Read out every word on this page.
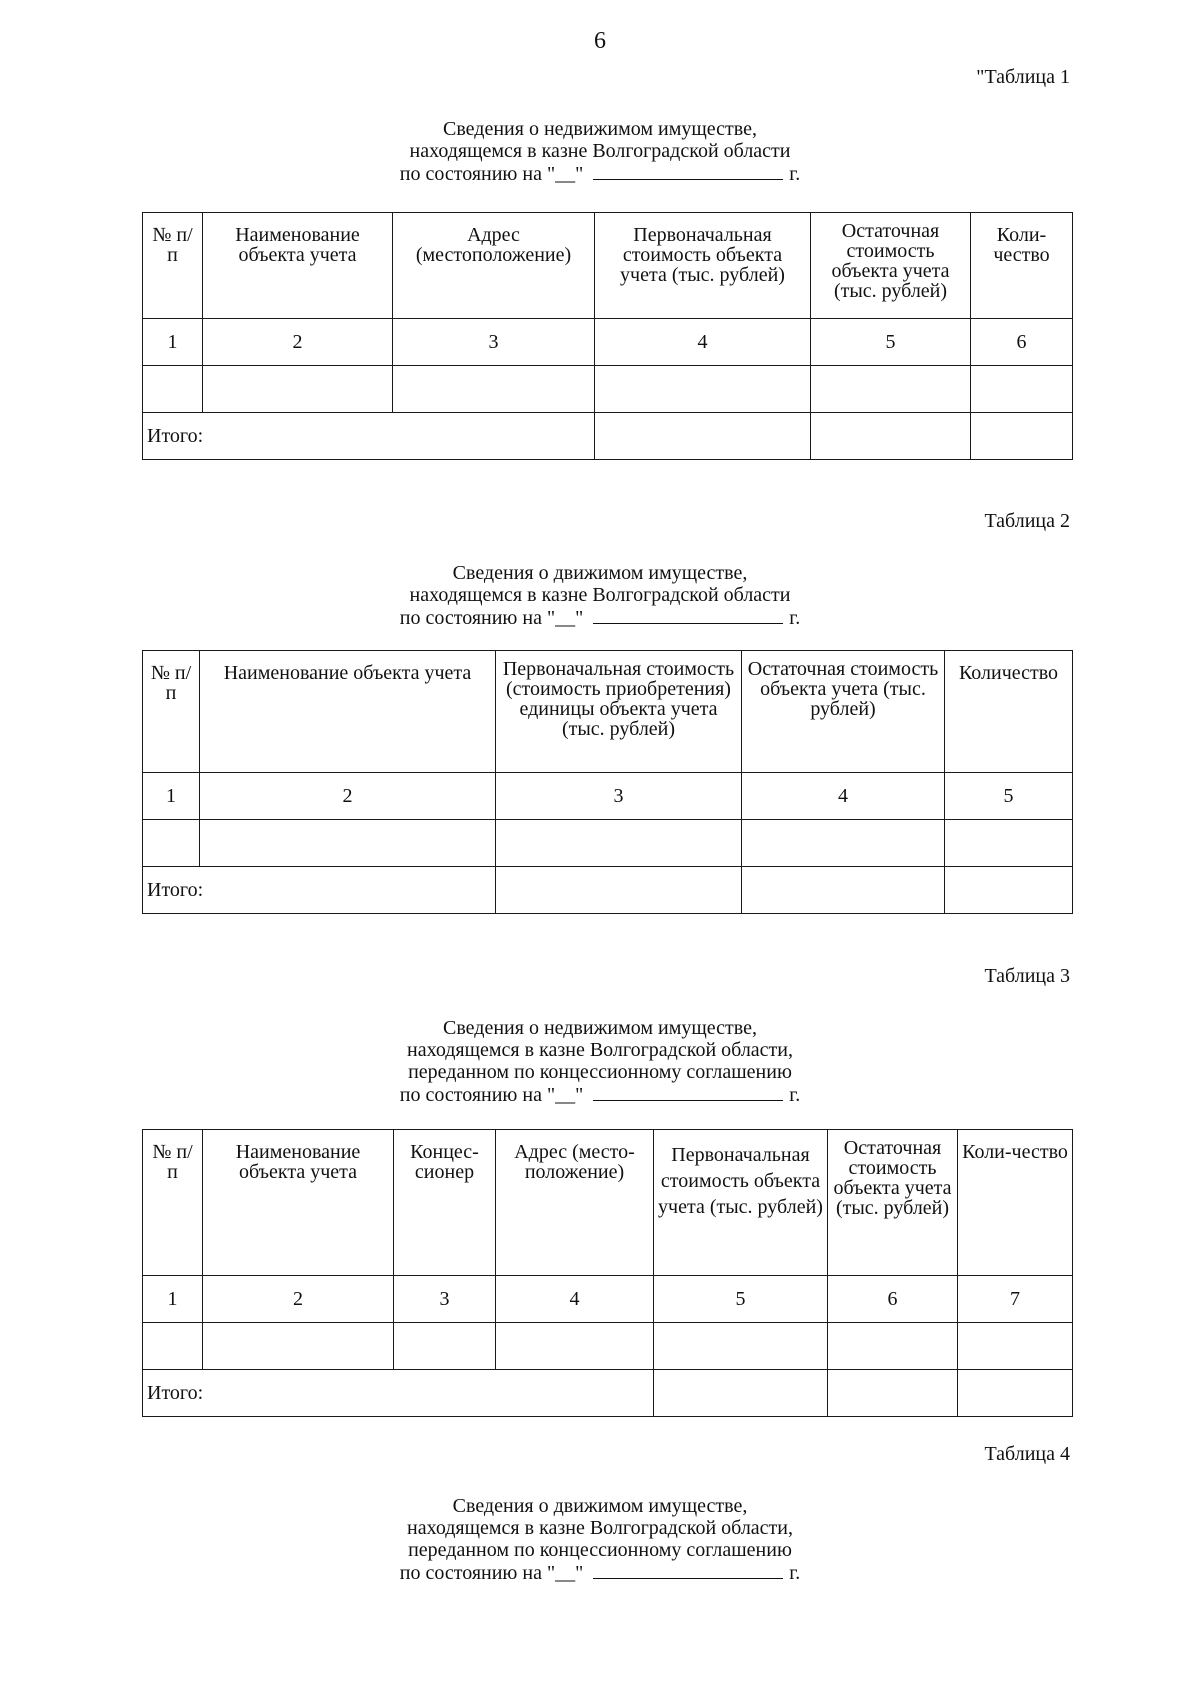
6
"Таблица 1
Сведения о недвижимом имуществе,
находящемся в казне Волгоградской области
по состоянию на "__"	г.
№ п/п	Наименование объекта учета	Адрес (местоположение)	Первоначальная стоимость объекта учета (тыс. рублей)	Остаточная стоимость объекта учета (тыс. рублей)	Коли-чество
1	2	3	4	5	6

Итого:					
Таблица 2
Сведения о движимом имуществе,
находящемся в казне Волгоградской области
по состоянию на "__"	г.
№ п/п	Наименование объекта учета	Первоначальная стоимость (стоимость приобретения) единицы объекта учета (тыс. рублей)	Остаточная стоимость объекта учета (тыс. рублей)	Количество
1	2	3	4	5

Итого:				
Таблица 3
Сведения о недвижимом имуществе,
находящемся в казне Волгоградской области,
переданном по концессионному соглашению
по состоянию на "__"	г.
№ п/п	Наименование объекта учета	Концес-сионер	Адрес (место-положение)	Первоначальная стоимость объекта учета (тыс. рублей)	Остаточная стоимость объекта учета (тыс. рублей)	Коли-чество
1	2	3	4	5	6	7

Итого:						
Таблица 4
Сведения о движимом имуществе,
находящемся в казне Волгоградской области,
переданном по концессионному соглашению
по состоянию на "__"	г.
